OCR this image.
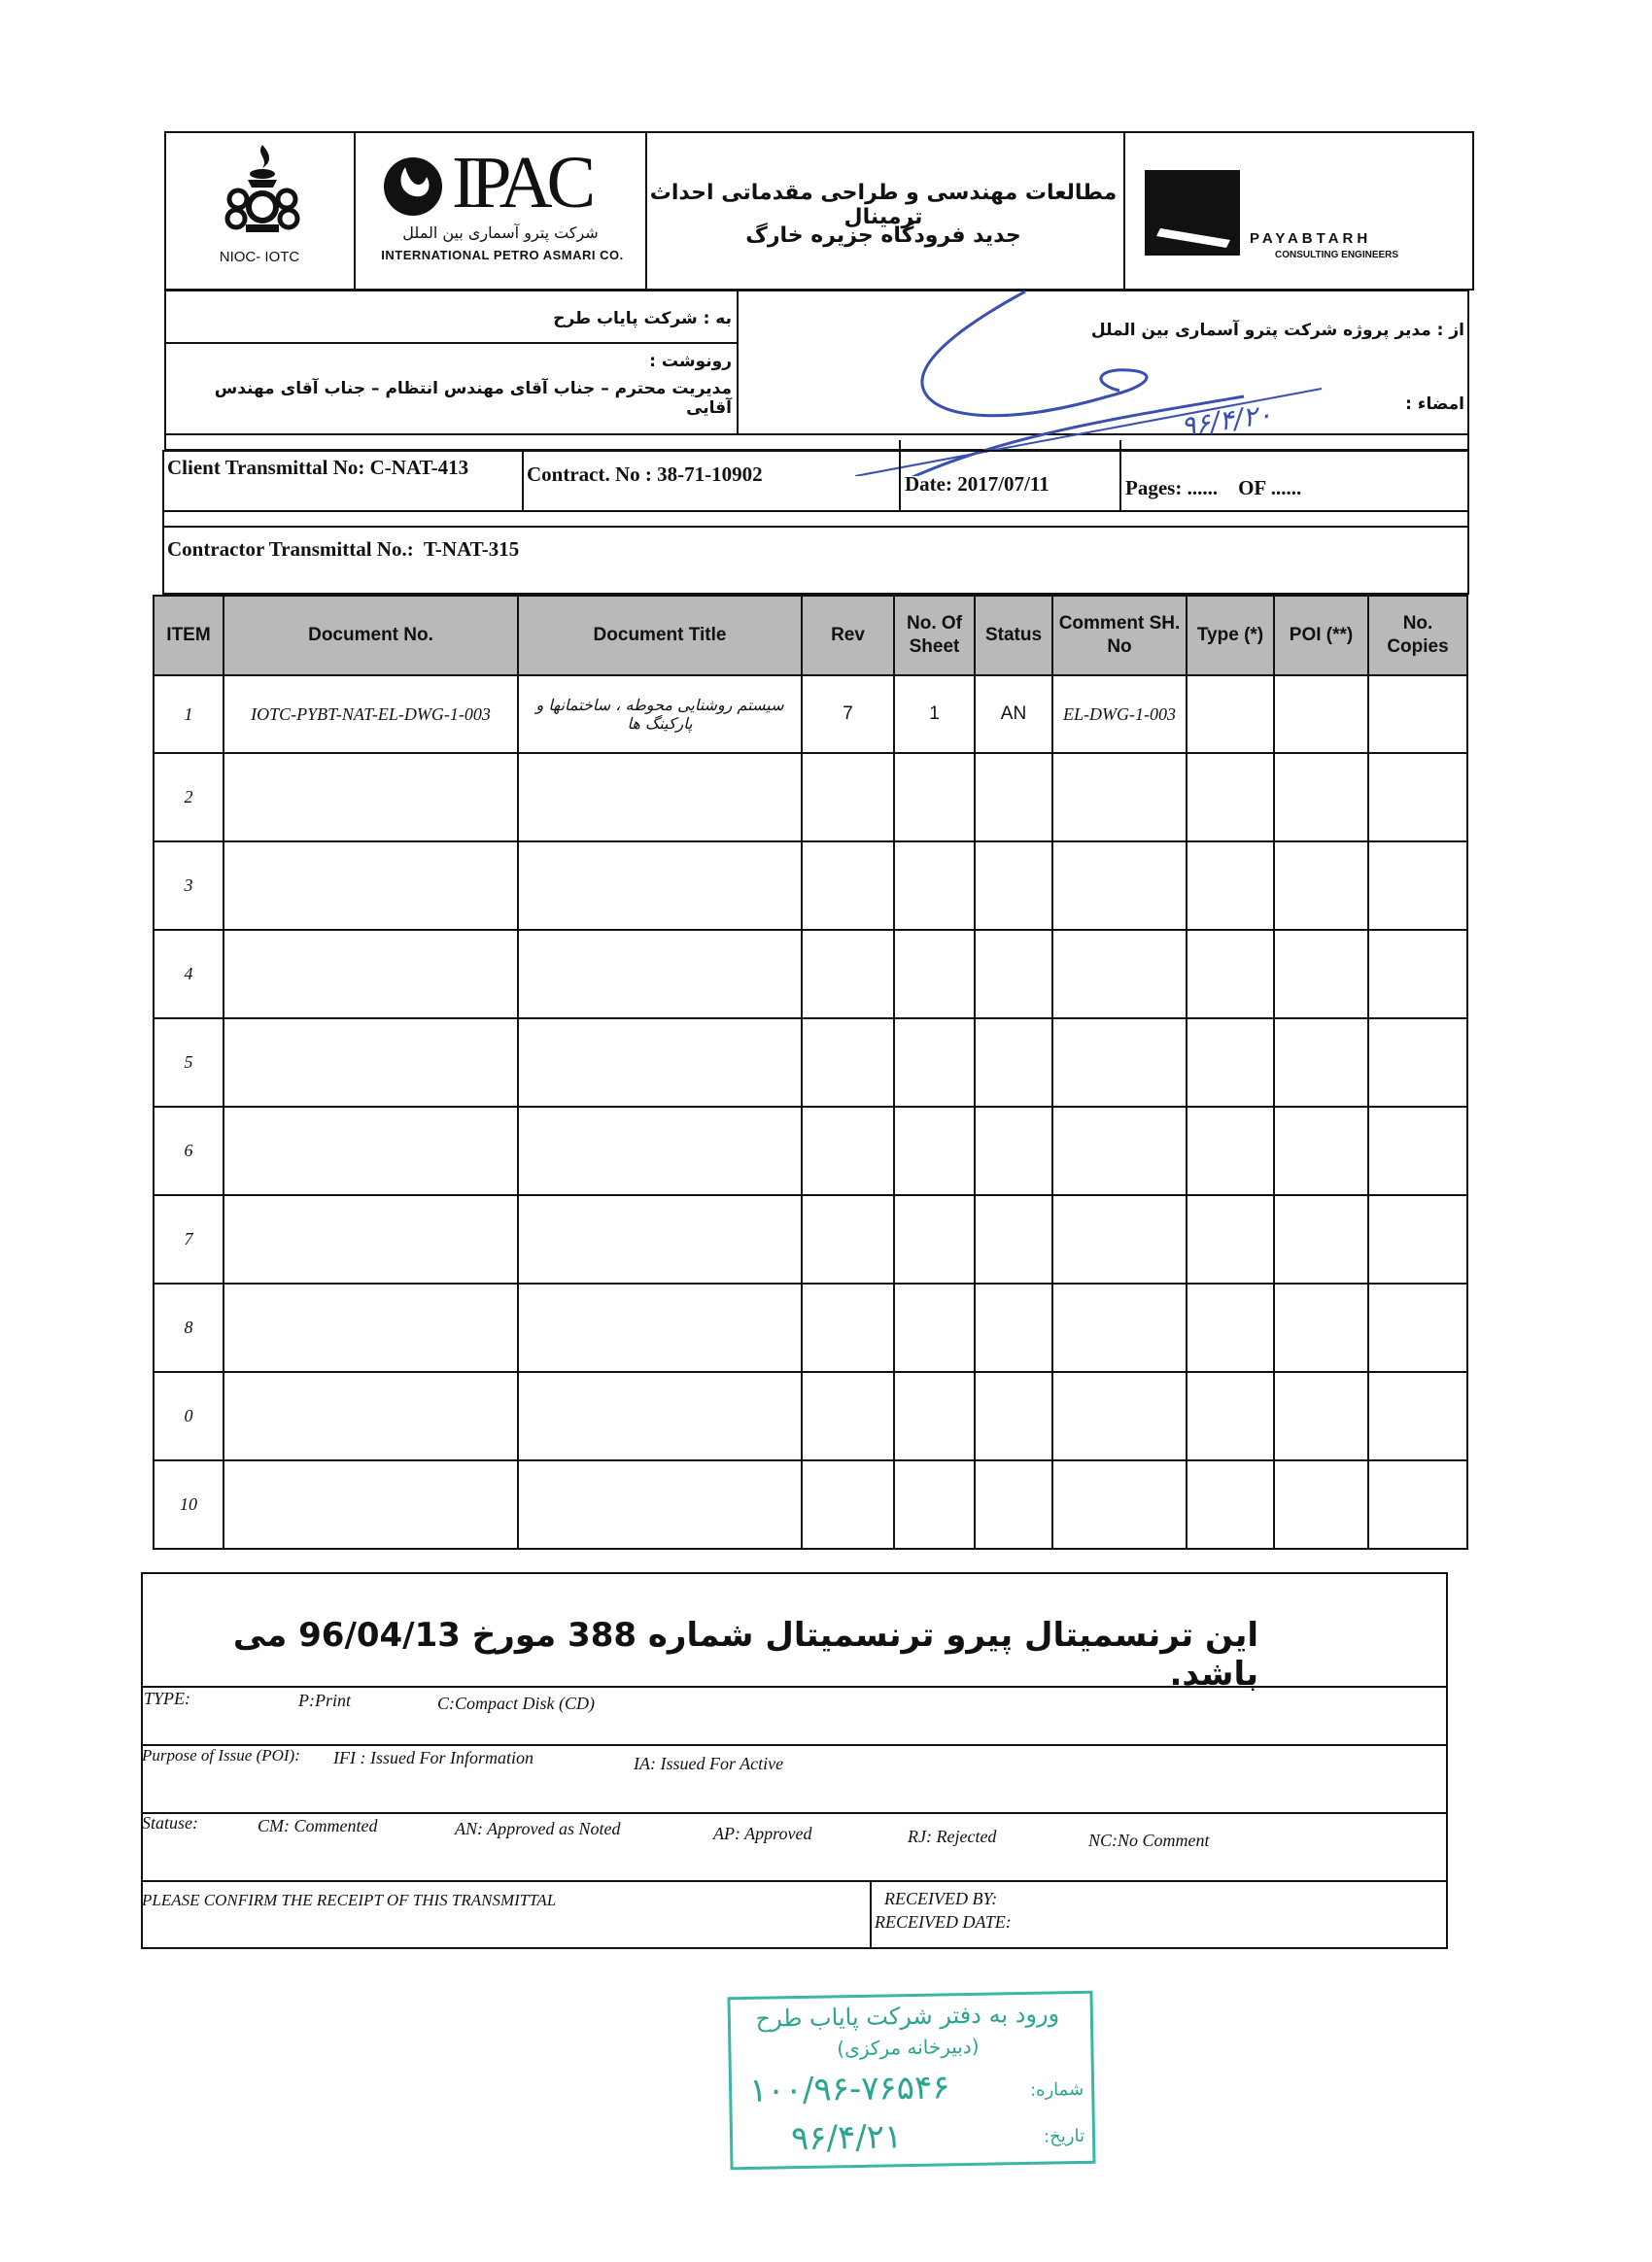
NIOC- IOTC
IPAC
شرکت پترو آسماری بین الملل
INTERNATIONAL PETRO ASMARI CO.
مطالعات مهندسی و طراحی مقدماتی احداث ترمینال
جدید فرودگاه جزیره خارگ	PAYABTARH
CONSULTING ENGINEERS
به : شرکت پایاب طرح
رونوشت :
مدیریت محترم – جناب آقای مهندس انتظام – جناب آقای مهندس آقایی
از : مدیر پروژه شرکت پترو آسماری بین الملل
امضاء :
۹۶/۴/۲۰
Client Transmittal No: C-NAT-413	Contract. No : 38-71-10902	Date: 2017/07/11	Pages: ......    OF ......
Contractor Transmittal No.:  T-NAT-315
ITEM	Document No.	Document Title	Rev	No. Of Sheet	Status	Comment SH. No	Type (*)	POI (**)	No. Copies
1	IOTC-PYBT-NAT-EL-DWG-1-003	سیستم روشنایی محوطه ، ساختمانها و پارکینگ ها	7	1	AN	EL-DWG-1-003			
2									
3									
4									
5									
6									
7									
8									
0									
10									
این ترنسمیتال پیرو ترنسمیتال شماره 388 مورخ 96/04/13 می باشد.
TYPE:	P:Print	C:Compact Disk (CD)
Purpose of Issue (POI): IFI : Issued For Information	IA: Issued For Active
Statuse:	CM: Commented	AN: Approved as Noted	AP: Approved	RJ: Rejected	NC:No Comment
PLEASE CONFIRM THE RECEIPT OF THIS TRANSMITTAL	RECEIVED BY:
RECEIVED DATE:
ورود به دفتر شرکت پایاب طرح
(دبیرخانه مرکزی)
شماره:
۱۰۰/۹۶-۷۶۵۴۶
تاریخ:
۹۶/۴/۲۱
